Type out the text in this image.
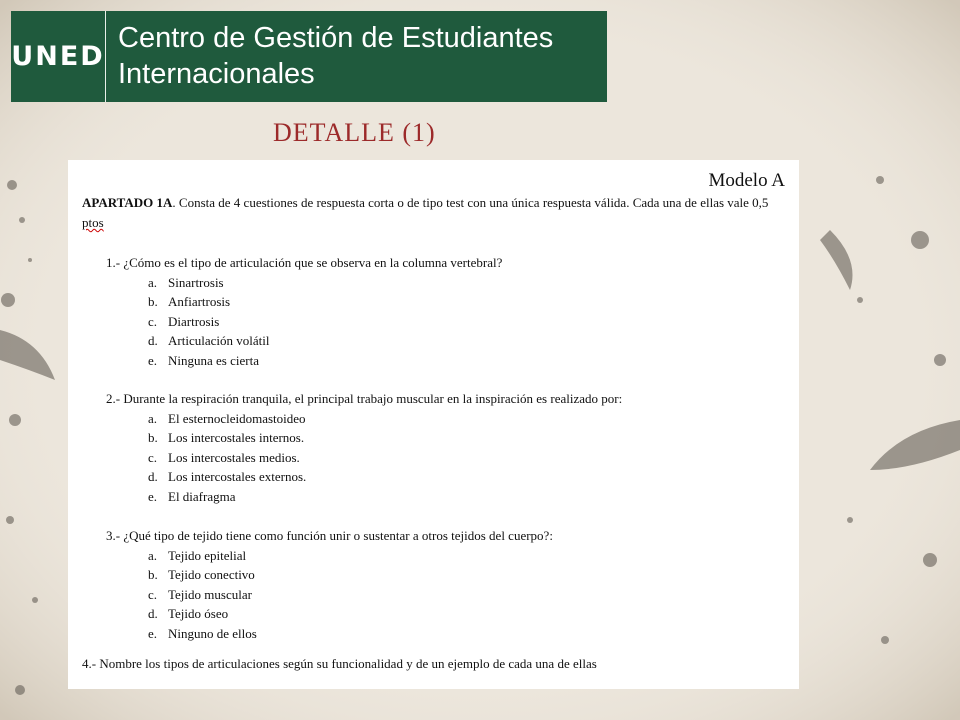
UNED
Centro de Gestión de Estudiantes
Internacionales
DETALLE (1)
Modelo A
APARTADO 1A. Consta de 4 cuestiones de respuesta corta o de tipo test con una única respuesta válida. Cada una de ellas vale 0,5 ptos
1.- ¿Cómo es el tipo de articulación que se observa en la columna vertebral?
a. Sinartrosis
b. Anfiartrosis
c. Diartrosis
d. Articulación volátil
e. Ninguna es cierta
2.- Durante la respiración tranquila, el principal trabajo muscular en la inspiración es realizado por:
a. El esternocleidomastoideo
b. Los intercostales internos.
c. Los intercostales medios.
d. Los intercostales externos.
e. El diafragma
3.- ¿Qué tipo de tejido tiene como función unir o sustentar a otros tejidos del cuerpo?:
a. Tejido epitelial
b. Tejido conectivo
c. Tejido muscular
d. Tejido óseo
e. Ninguno de ellos
4.- Nombre los tipos de articulaciones según su funcionalidad y de un ejemplo de cada una de ellas
